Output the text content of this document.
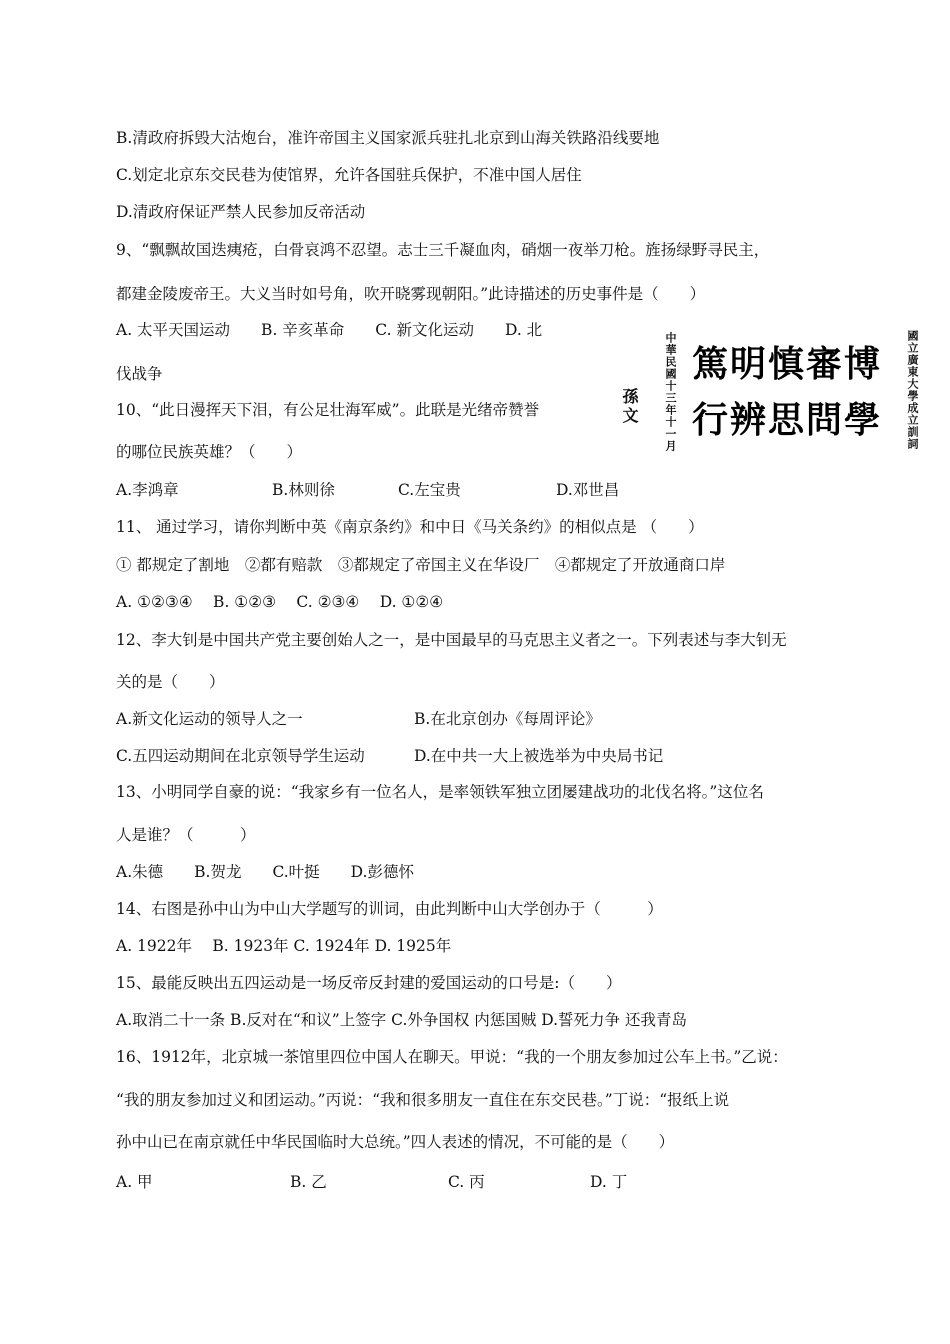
B.清政府拆毁大沽炮台，准许帝国主义国家派兵驻扎北京到山海关铁路沿线要地
C.划定北京东交民巷为使馆界，允许各国驻兵保护，不准中国人居住
D.清政府保证严禁人民参加反帝活动
9、“飘飘故国迭痍疮，白骨哀鸿不忍望。志士三千凝血肉，硝烟一夜举刀枪。旌扬绿野寻民主，
都建金陵废帝王。大义当时如号角，吹开晓雾现朝阳。”此诗描述的历史事件是（　　）
A. 太平天国运动　　B. 辛亥革命　　C. 新文化运动　　D. 北
伐战争
10、“此日漫挥天下泪，有公足壮海军威”。此联是光绪帝赞誉
的哪位民族英雄？（　　）
A.李鸿章	B.林则徐	C.左宝贵	D.邓世昌
11、 通过学习，请你判断中英《南京条约》和中日《马关条约》的相似点是 （　　）
① 都规定了割地　②都有赔款　③都规定了帝国主义在华设厂　④都规定了开放通商口岸
A. ①②③④　 B. ①②③　 C. ②③④　 D. ①②④
12、李大钊是中国共产党主要创始人之一，是中国最早的马克思主义者之一。下列表述与李大钊无
关的是（　　）
A.新文化运动的领导人之一	B.在北京创办《每周评论》
C.五四运动期间在北京领导学生运动	D.在中共一大上被选举为中央局书记
13、小明同学自豪的说：“我家乡有一位名人，是率领铁军独立团屡建战功的北伐名将。”这位名
人是谁？（　　　）
A.朱德　　B.贺龙　　C.叶挺　　D.彭德怀
14、右图是孙中山为中山大学题写的训词，由此判断中山大学创办于（　　　）
A. 1922年　 B. 1923年 C. 1924年 D. 1925年
15、最能反映出五四运动是一场反帝反封建的爱国运动的口号是:（　　）
A.取消二十一条 B.反对在“和议”上签字 C.外争国权 内惩国贼 D.誓死力争 还我青岛
16、1912年，北京城一茶馆里四位中国人在聊天。甲说：“我的一个朋友参加过公车上书。”乙说：
“我的朋友参加过义和团运动。”丙说：“我和很多朋友一直住在东交民巷。”丁说：“报纸上说
孙中山已在南京就任中华民国临时大总统。”四人表述的情况，不可能的是（　　）
A. 甲	B. 乙	C. 丙	D. 丁
中華民國十三年十一月
孫文
篤明慎審博
行辨思問學 國立廣東大學成立訓詞
